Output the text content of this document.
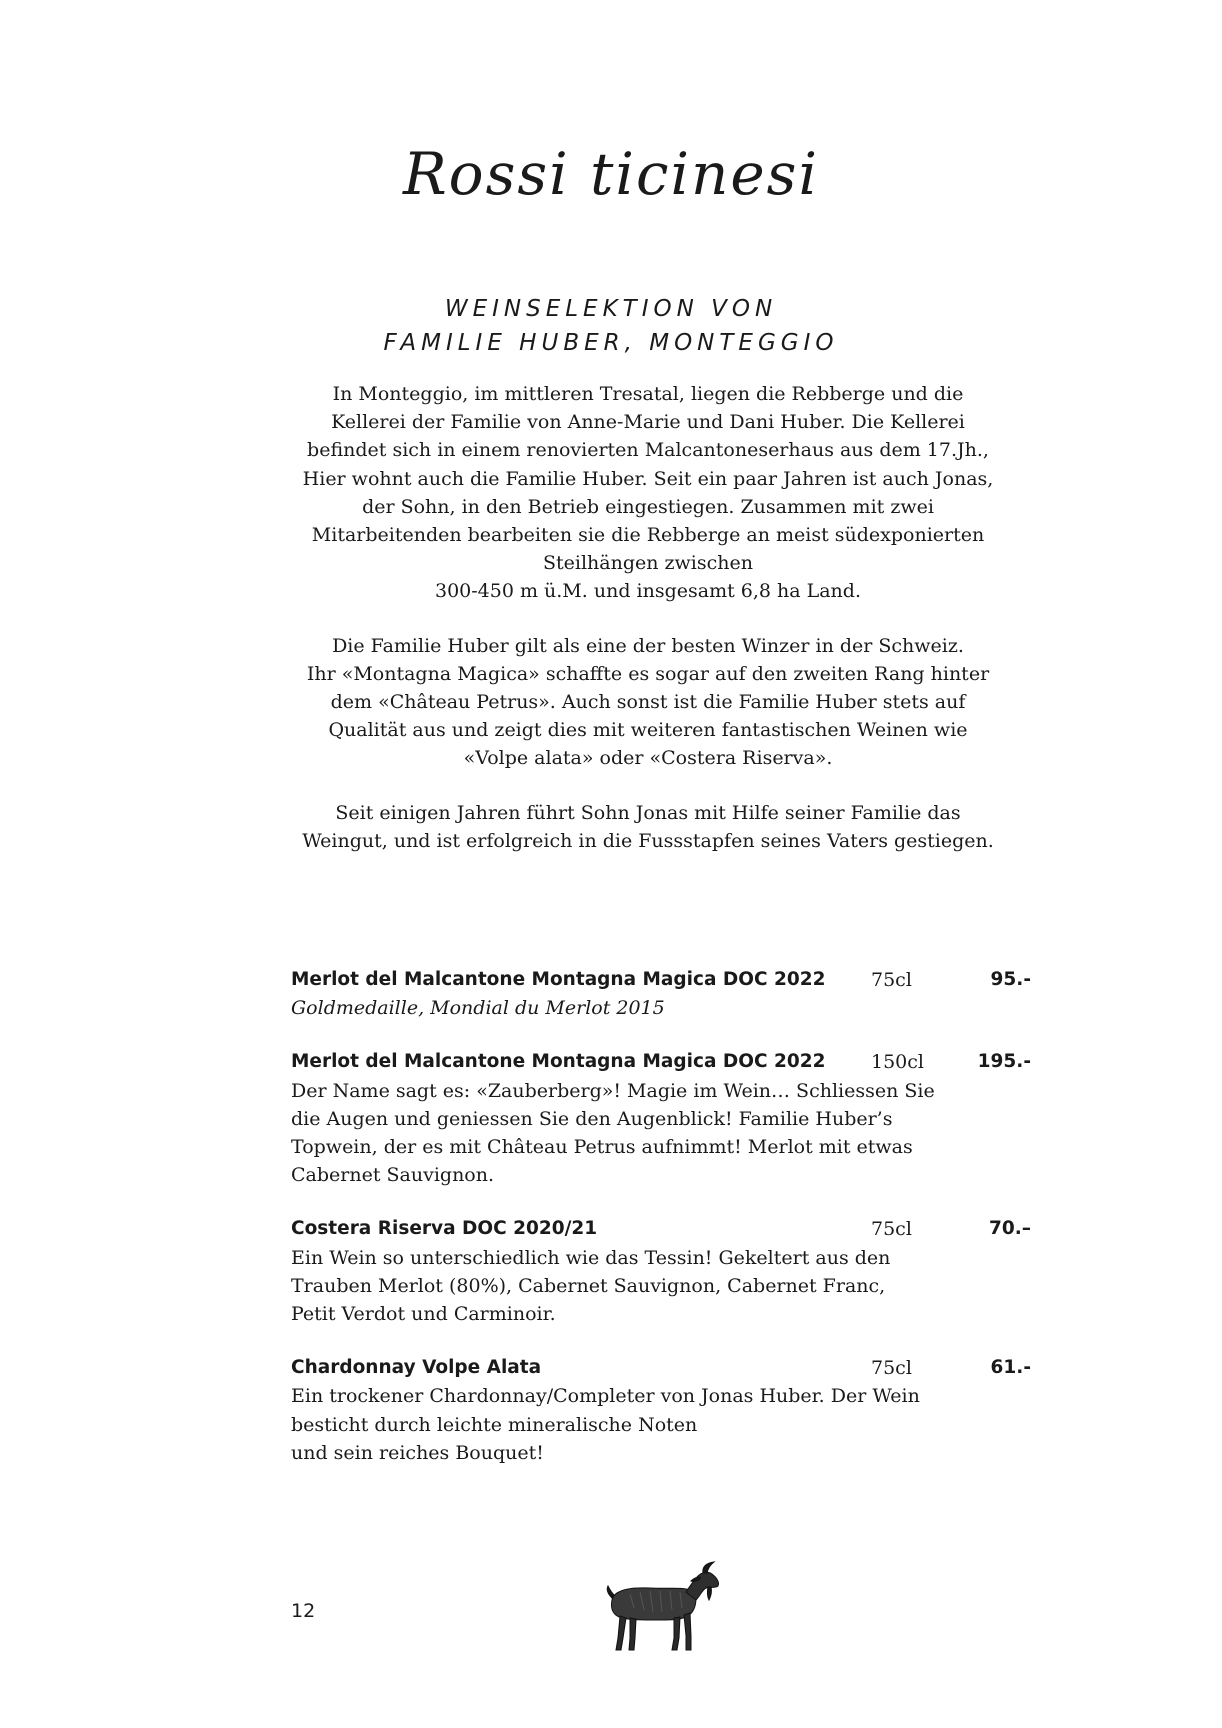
Rossi ticinesi
WEINSELEKTION VON
FAMILIE HUBER, MONTEGGIO
In Monteggio, im mittleren Tresatal, liegen die Rebberge und die
Kellerei der Familie von Anne-Marie und Dani Huber. Die Kellerei
befindet sich in einem renovierten Malcantoneserhaus aus dem 17.Jh.,
Hier wohnt auch die Familie Huber. Seit ein paar Jahren ist auch Jonas,
der Sohn, in den Betrieb eingestiegen. Zusammen mit zwei
Mitarbeitenden bearbeiten sie die Rebberge an meist südexponierten
Steilhängen zwischen
300-450 m ü.M. und insgesamt 6,8 ha Land.
Die Familie Huber gilt als eine der besten Winzer in der Schweiz.
Ihr «Montagna Magica» schaffte es sogar auf den zweiten Rang hinter
dem «Château Petrus». Auch sonst ist die Familie Huber stets auf
Qualität aus und zeigt dies mit weiteren fantastischen Weinen wie
«Volpe alata» oder «Costera Riserva».
Seit einigen Jahren führt Sohn Jonas mit Hilfe seiner Familie das
Weingut, und ist erfolgreich in die Fussstapfen seines Vaters gestiegen.
Merlot del Malcantone Montagna Magica DOC 2022 75cl	95.-
Goldmedaille, Mondial du Merlot 2015
Merlot del Malcantone Montagna Magica DOC 2022 150cl	195.-
Der Name sagt es: «Zauberberg»! Magie im Wein… Schliessen Sie
die Augen und geniessen Sie den Augenblick! Familie Huber’s
Topwein, der es mit Château Petrus aufnimmt! Merlot mit etwas
Cabernet Sauvignon.
Costera Riserva DOC 2020/21	75cl	70.–
Ein Wein so unterschiedlich wie das Tessin! Gekeltert aus den
Trauben Merlot (80%), Cabernet Sauvignon, Cabernet Franc,
Petit Verdot und Carminoir.
Chardonnay Volpe Alata	75cl	61.-
Ein trockener Chardonnay/Completer von Jonas Huber. Der Wein
besticht durch leichte mineralische Noten
und sein reiches Bouquet!
12
